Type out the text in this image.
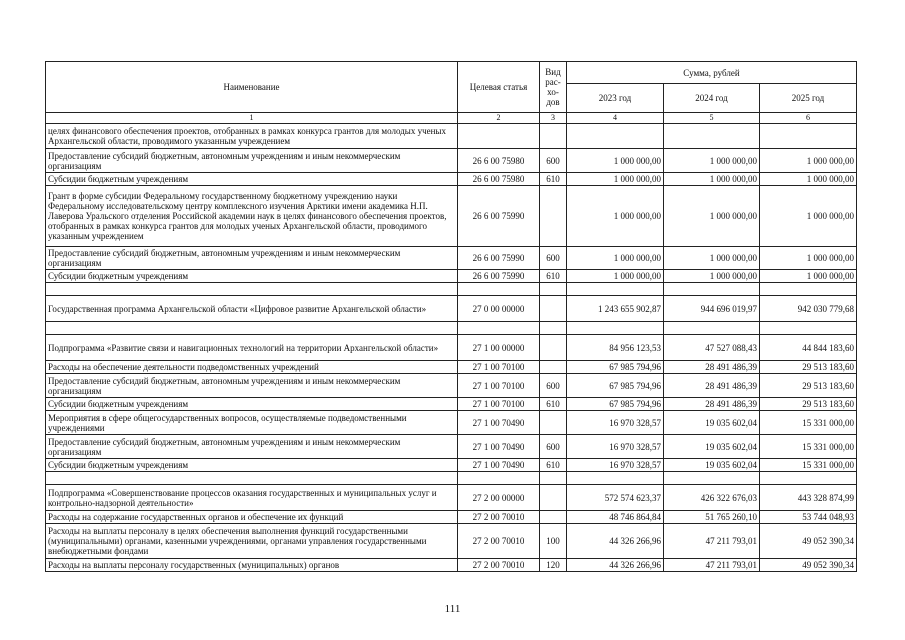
Наименование	Целевая статья	Вид рас-хо-дов	Сумма, рублей		
			2023 год	2024 год	2025 год
1	2	3	4	5	6
целях финансового обеспечения проектов, отобранных в рамках конкурса грантов для молодых ученых Архангельской области, проводимого указанным учреждением					
Предоставление субсидий бюджетным, автономным учреждениям и иным некоммерческим организациям	26 6 00 75980	600	1 000 000,00	1 000 000,00	1 000 000,00
Субсидии бюджетным учреждениям	26 6 00 75980	610	1 000 000,00	1 000 000,00	1 000 000,00
Грант в форме субсидии Федеральному государственному бюджетному учреждению науки Федеральному исследовательскому центру комплексного изучения Арктики имени академика Н.П. Лаверова Уральского отделения Российской академии наук в целях финансового обеспечения проектов, отобранных в рамках конкурса грантов для молодых ученых Архангельской области, проводимого указанным учреждением	26 6 00 75990		1 000 000,00	1 000 000,00	1 000 000,00
Предоставление субсидий бюджетным, автономным учреждениям и иным некоммерческим организациям	26 6 00 75990	600	1 000 000,00	1 000 000,00	1 000 000,00
Субсидии бюджетным учреждениям	26 6 00 75990	610	1 000 000,00	1 000 000,00	1 000 000,00

Государственная программа Архангельской области «Цифровое развитие Архангельской области»	27 0 00 00000		1 243 655 902,87	944 696 019,97	942 030 779,68

Подпрограмма «Развитие связи и навигационных технологий на территории Архангельской области»	27 1 00 00000		84 956 123,53	47 527 088,43	44 844 183,60
Расходы на обеспечение деятельности подведомственных учреждений	27 1 00 70100		67 985 794,96	28 491 486,39	29 513 183,60
Предоставление субсидий бюджетным, автономным учреждениям и иным некоммерческим организациям	27 1 00 70100	600	67 985 794,96	28 491 486,39	29 513 183,60
Субсидии бюджетным учреждениям	27 1 00 70100	610	67 985 794,96	28 491 486,39	29 513 183,60
Мероприятия в сфере общегосударственных вопросов, осуществляемые подведомственными учреждениями	27 1 00 70490		16 970 328,57	19 035 602,04	15 331 000,00
Предоставление субсидий бюджетным, автономным учреждениям и иным некоммерческим организациям	27 1 00 70490	600	16 970 328,57	19 035 602,04	15 331 000,00
Субсидии бюджетным учреждениям	27 1 00 70490	610	16 970 328,57	19 035 602,04	15 331 000,00

Подпрограмма «Совершенствование процессов оказания государственных и муниципальных услуг и контрольно-надзорной деятельности»	27 2 00 00000		572 574 623,37	426 322 676,03	443 328 874,99
Расходы на содержание государственных органов и обеспечение их функций	27 2 00 70010		48 746 864,84	51 765 260,10	53 744 048,93
Расходы на выплаты персоналу в целях обеспечения выполнения функций государственными (муниципальными) органами, казенными учреждениями, органами управления государственными внебюджетными фондами	27 2 00 70010	100	44 326 266,96	47 211 793,01	49 052 390,34
Расходы на выплаты персоналу государственных (муниципальных) органов	27 2 00 70010	120	44 326 266,96	47 211 793,01	49 052 390,34
111
